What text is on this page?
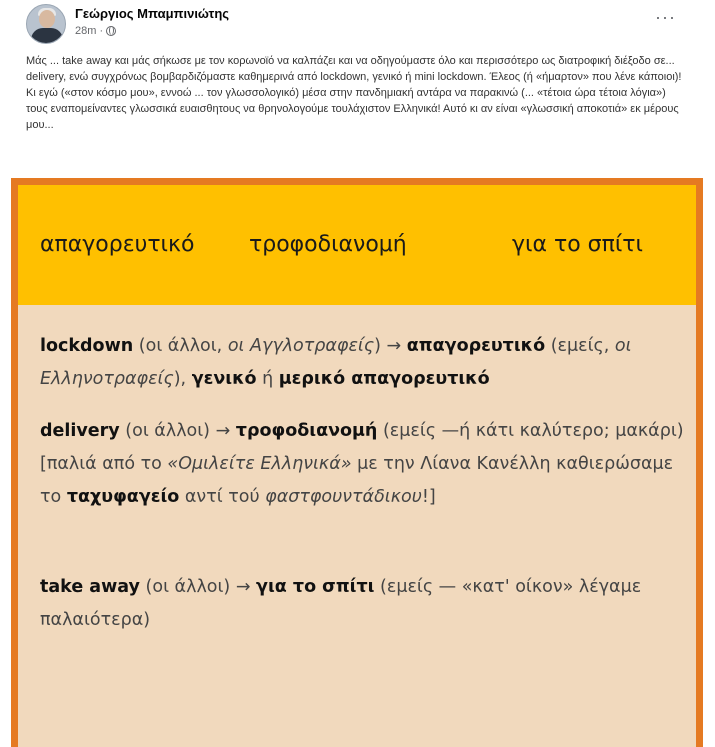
Γεώργιος Μπαμπινιώτης
28m ·
···
Μάς ... take away και μάς σήκωσε με τον κορωνοϊό να καλπάζει και να οδηγούμαστε όλο και περισσότερο ως διατροφική διέξοδο σε... delivery, ενώ συγχρόνως βομβαρδιζόμαστε καθημερινά από lockdown, γενικό ή mini lockdown. Έλεος (ή «ήμαρτον» που λένε κάποιοι)! Κι εγώ («στον κόσμο μου», εννοώ ... τον γλωσσολογικό) μέσα στην πανδημιακή αντάρα να παρακινώ (... «τέτοια ώρα τέτοια λόγια») τους εναπομείναντες γλωσσικά ευαισθητους να θρηνολογούμε τουλάχιστον Ελληνικά! Αυτό κι αν είναι «γλωσσική αποκοτιά» εκ μέρους μου...
απαγορευτικό τροφοδιανομή	για το σπίτι
lockdown (οι άλλοι, οι Αγγλοτραφείς) → απαγορευτικό (εμείς, οι Ελληνοτραφείς), γενικό ή μερικό απαγορευτικό
delivery (οι άλλοι) → τροφοδιανομή (εμείς —ή κάτι καλύτερο; μακάρι) [παλιά από το «Ομιλείτε Ελληνικά» με την Λίανα Κανέλλη καθιερώσαμε το ταχυφαγείο αντί τού φαστφουντάδικου!]
take away (οι άλλοι) → για το σπίτι (εμείς — «κατ' οίκον» λέγαμε παλαιότερα)
